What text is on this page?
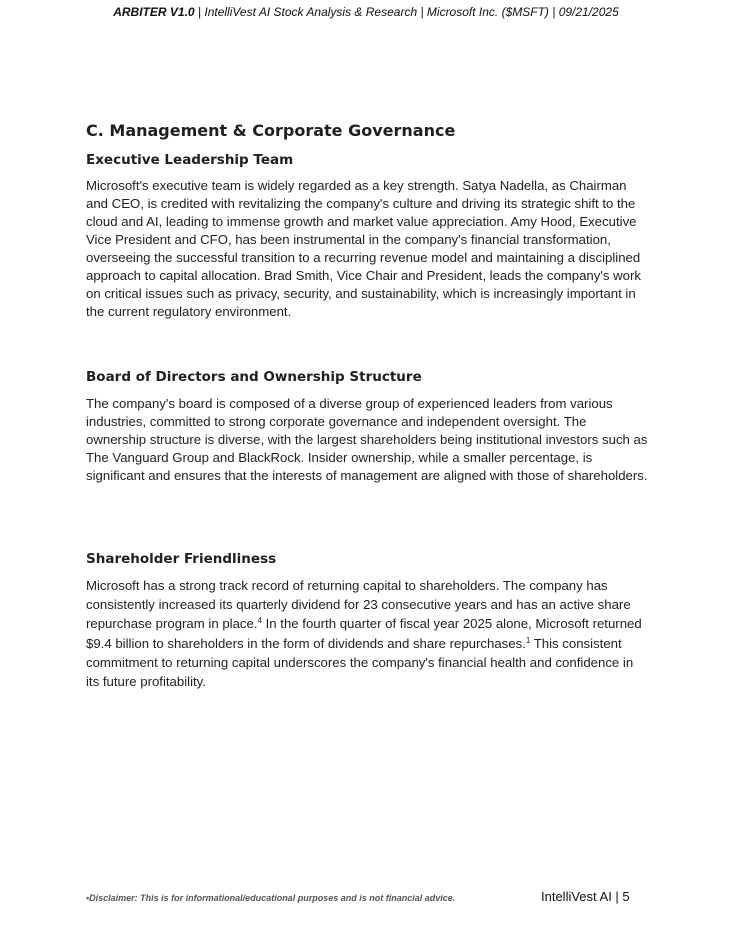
ARBITER V1.0 | IntelliVest AI Stock Analysis & Research | Microsoft Inc. ($MSFT) | 09/21/2025
C. Management & Corporate Governance
Executive Leadership Team

Microsoft's executive team is widely regarded as a key strength. Satya Nadella, as Chairman and CEO, is credited with revitalizing the company's culture and driving its strategic shift to the cloud and AI, leading to immense growth and market value appreciation. Amy Hood, Executive Vice President and CFO, has been instrumental in the company's financial transformation, overseeing the successful transition to a recurring revenue model and maintaining a disciplined approach to capital allocation. Brad Smith, Vice Chair and President, leads the company's work on critical issues such as privacy, security, and sustainability, which is increasingly important in the current regulatory environment.

Board of Directors and Ownership Structure

The company's board is composed of a diverse group of experienced leaders from various industries, committed to strong corporate governance and independent oversight. The ownership structure is diverse, with the largest shareholders being institutional investors such as The Vanguard Group and BlackRock. Insider ownership, while a smaller percentage, is significant and ensures that the interests of management are aligned with those of shareholders.

Shareholder Friendliness

Microsoft has a strong track record of returning capital to shareholders. The company has consistently increased its quarterly dividend for 23 consecutive years and has an active share repurchase program in place.$^4$ In the fourth quarter of fiscal year 2025 alone, Microsoft returned $9.4 billion to shareholders in the form of dividends and share repurchases.$^1$ This consistent commitment to returning capital underscores the company's financial health and confidence in its future profitability.

•Disclaimer: This is for informational/educational purposes and is not financial advice.	IntelliVest AI | 5
